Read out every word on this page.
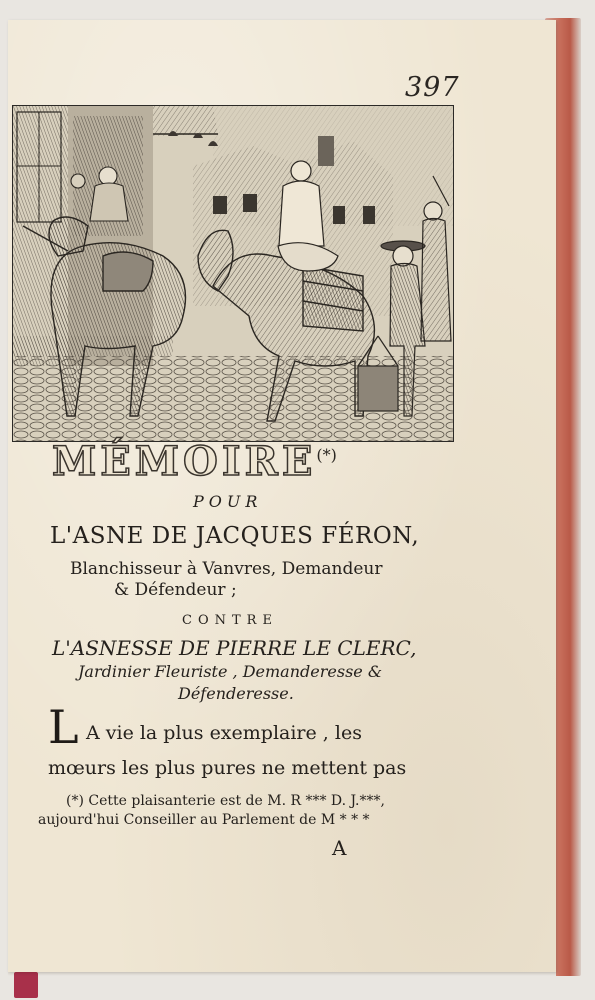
397
MÉMOIRE(*)
POUR
L'ASNE DE JACQUES FÉRON,
Blanchisseur à Vanvres, Demandeur
& Défendeur ;
CONTRE
L'ASNESSE DE PIERRE LE CLERC,
Jardinier Fleuriste , Demanderesse &
Défenderesse.
L A vie la plus exemplaire , les
mœurs les plus pures ne mettent pas
(*) Cette plaisanterie est de M. R *** D. J.***,
aujourd'hui Conseiller au Parlement de M * * *
A
